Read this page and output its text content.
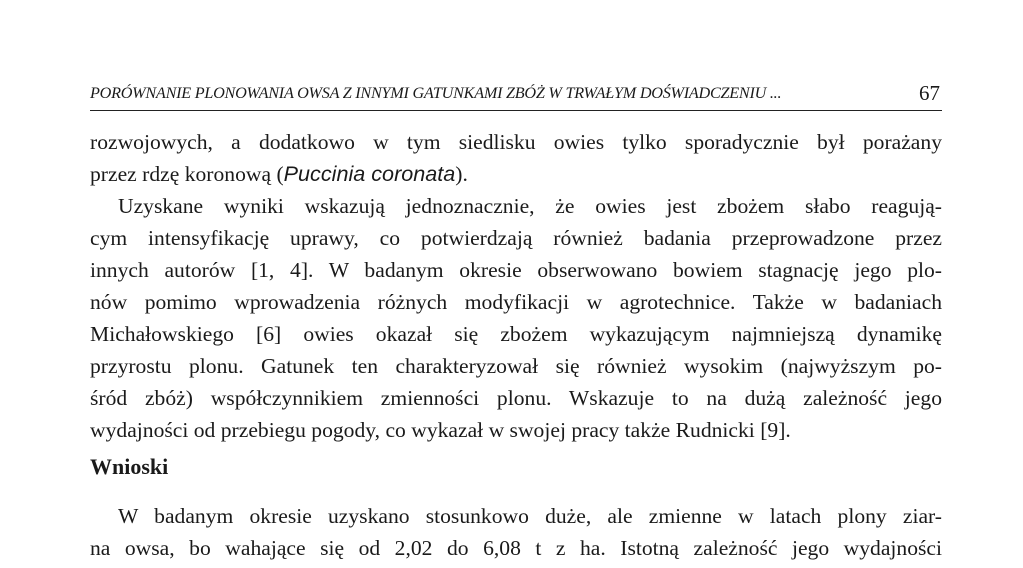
PORÓWNANIE PLONOWANIA OWSA Z INNYMI GATUNKAMI ZBÓŻ W TRWAŁYM DOŚWIADCZENIU ...	67
rozwojowych, a dodatkowo w tym siedlisku owies tylko sporadycznie był porażany
przez rdzę koronową (Puccinia coronata).
Uzyskane wyniki wskazują jednoznacznie, że owies jest zbożem słabo reagują-
cym intensyfikację uprawy, co potwierdzają również badania przeprowadzone przez
innych autorów [1, 4]. W badanym okresie obserwowano bowiem stagnację jego plo-
nów pomimo wprowadzenia różnych modyfikacji w agrotechnice. Także w badaniach
Michałowskiego [6] owies okazał się zbożem wykazującym najmniejszą dynamikę
przyrostu plonu. Gatunek ten charakteryzował się również wysokim (najwyższym po-
śród zbóż) współczynnikiem zmienności plonu. Wskazuje to na dużą zależność jego
wydajności od przebiegu pogody, co wykazał w swojej pracy także Rudnicki [9].
Wnioski
W badanym okresie uzyskano stosunkowo duże, ale zmienne w latach plony ziar-
na owsa, bo wahające się od 2,02 do 6,08 t z ha. Istotną zależność jego wydajności
